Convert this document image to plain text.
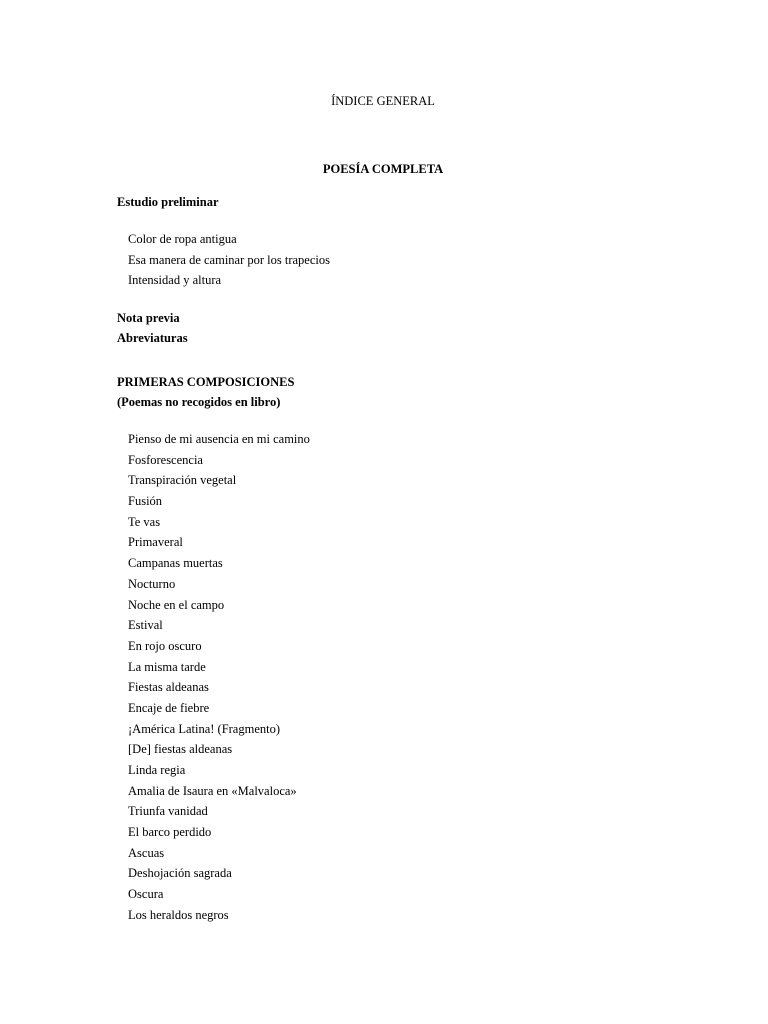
ÍNDICE GENERAL
POESÍA COMPLETA
Estudio preliminar
Color de ropa antigua
Esa manera de caminar por los trapecios
Intensidad y altura
Nota previa
Abreviaturas
PRIMERAS COMPOSICIONES
(Poemas no recogidos en libro)
Pienso de mi ausencia en mi camino
Fosforescencia
Transpiración vegetal
Fusión
Te vas
Primaveral
Campanas muertas
Nocturno
Noche en el campo
Estival
En rojo oscuro
La misma tarde
Fiestas aldeanas
Encaje de fiebre
¡América Latina! (Fragmento)
[De] fiestas aldeanas
Linda regia
Amalia de Isaura en «Malvaloca»
Triunfa vanidad
El barco perdido
Ascuas
Deshojación sagrada
Oscura
Los heraldos negros
